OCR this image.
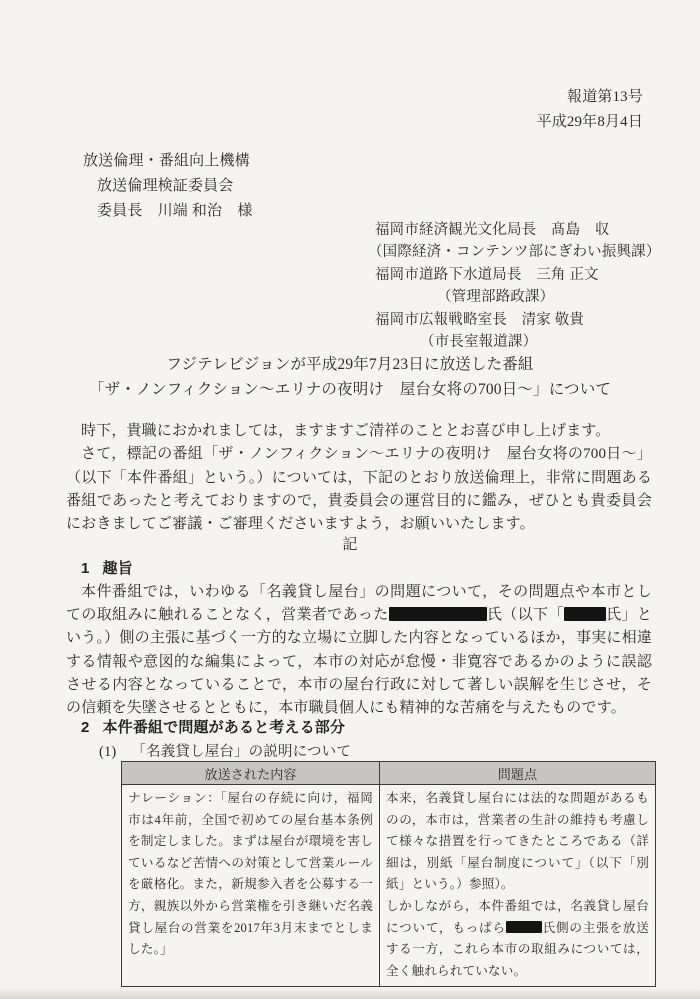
報道第13号
平成29年8月4日
放送倫理・番組向上機構
放送倫理検証委員会
委員長　川端 和治　様
福岡市経済観光文化局長　髙島　収
（国際経済・コンテンツ部にぎわい振興課）
福岡市道路下水道局長　三角 正文
（管理部路政課）
福岡市広報戦略室長　清家 敬貴
（市長室報道課）
フジテレビジョンが平成29年7月23日に放送した番組
「ザ・ノンフィクション～エリナの夜明け　屋台女将の700日～」について

時下，貴職におかれましては，ますますご清祥のこととお喜び申し上げます。

さて，標記の番組「ザ・ノンフィクション～エリナの夜明け　屋台女将の700日～」（以下「本件番組」という。）については，下記のとおり放送倫理上，非常に問題ある番組であったと考えておりますので，貴委員会の運営目的に鑑み，ぜひとも貴委員会におきましてご審議・ご審理くださいますよう，お願いいたします。

記
1 趣旨

本件番組では，いわゆる「名義貸し屋台」の問題について，その問題点や本市としての取組みに触れることなく，営業者であった	氏（以下「	氏」という。）側の主張に基づく一方的な立場に立脚した内容となっているほか，事実に相違する情報や意図的な編集によって，本市の対応が怠慢・非寛容であるかのように誤認させる内容となっていることで，本市の屋台行政に対して著しい誤解を生じさせ，その信頼を失墜させるとともに，本市職員個人にも精神的な苦痛を与えたものです。

2 本件番組で問題があると考える部分
(1) 「名義貸し屋台」の説明について
放送された内容	問題点

ナレーション：「屋台の存続に向け，福岡市は4年前，全国で初めての屋台基本条例を制定しました。まずは屋台が環境を害しているなど苦情への対策として営業ルールを厳格化。また，新規参入者を公募する一方，親族以外から営業権を引き継いだ名義貸し屋台の営業を2017年3月末までとしました。」	本来，名義貸し屋台には法的な問題があるものの，本市は，営業者の生計の維持も考慮して様々な措置を行ってきたところである（詳細は，別紙「屋台制度について」（以下「別紙」という。）参照）。

しかしながら，本件番組では，名義貸し屋台について，もっぱら 氏側の主張を放送する一方，これら本市の取組みについては，全く触れられていない。
